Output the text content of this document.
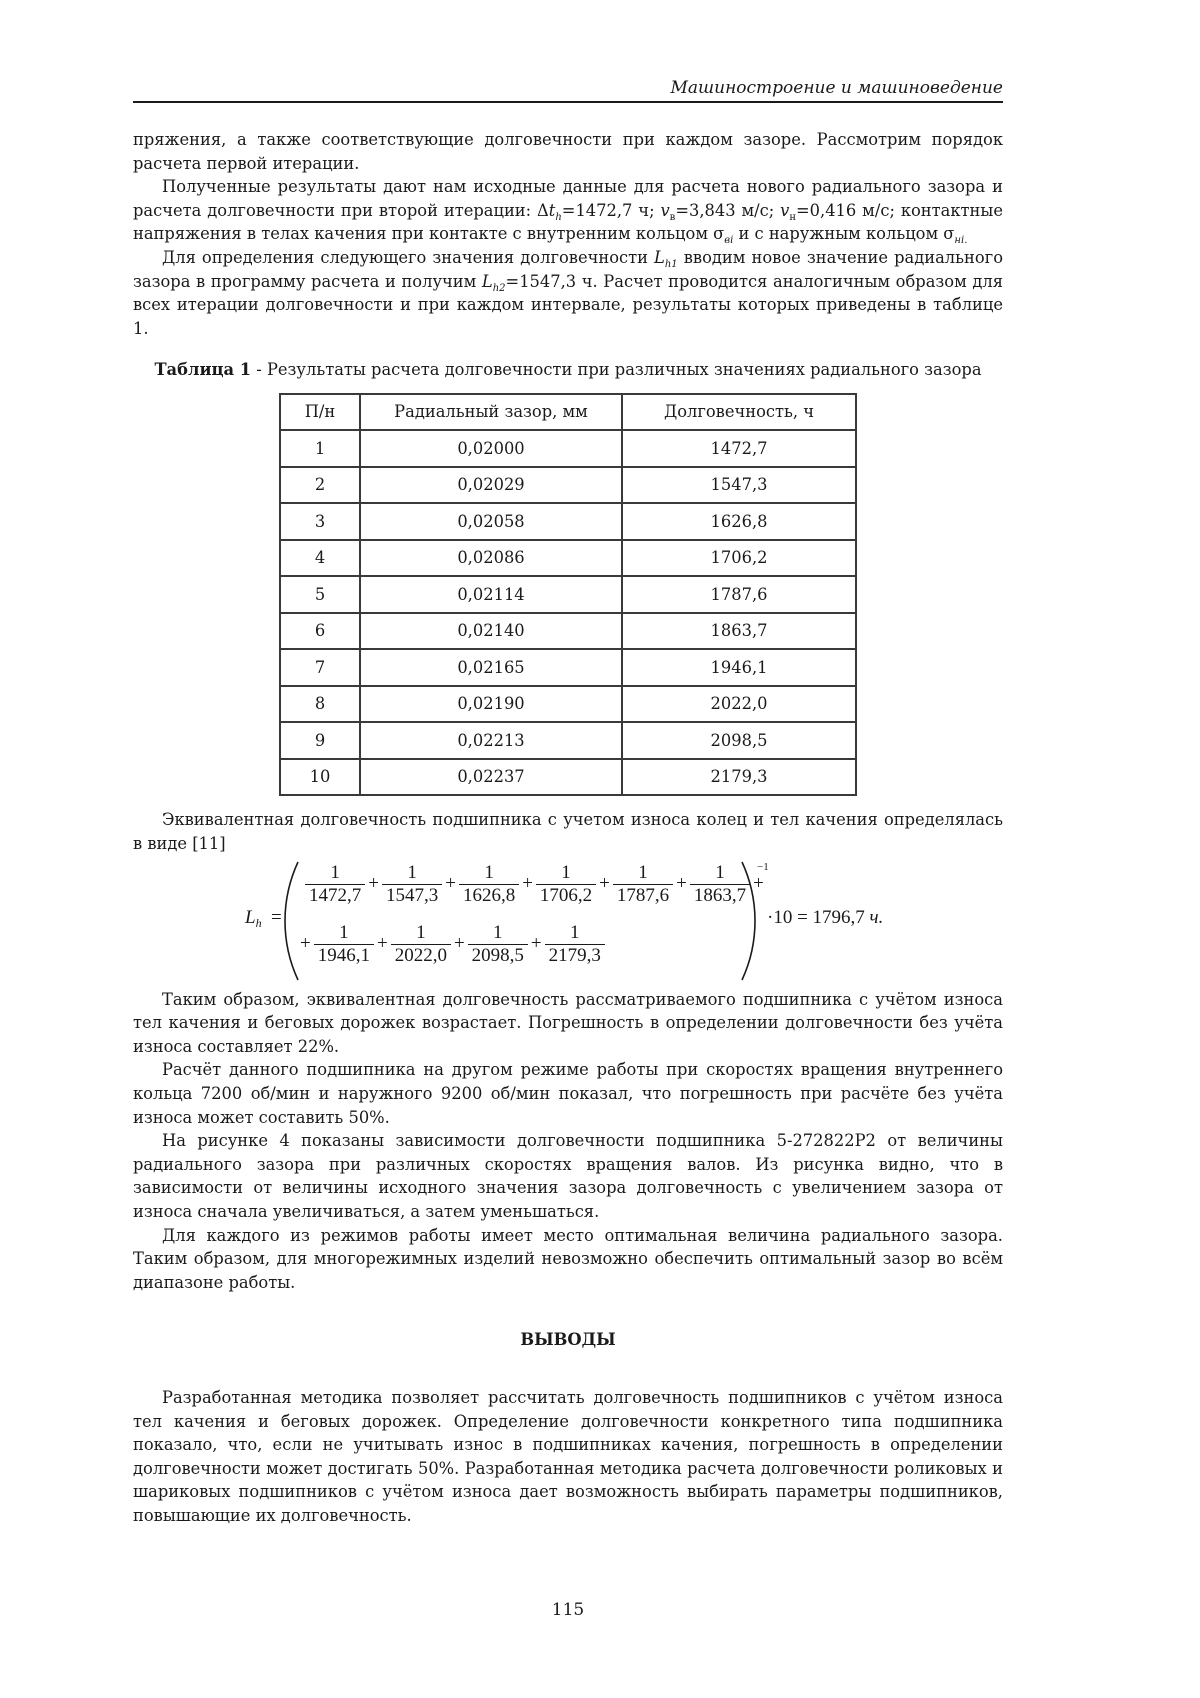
Машиностроение и машиноведение

пряжения, а также соответствующие долговечности при каждом зазоре. Рассмотрим порядок расчета первой итерации.

Полученные результаты дают нам исходные данные для расчета нового радиального зазора и расчета долговечности при второй итерации: $\Delta t_h=1472,7$ ч; $v_в=3,843$ м/с; $v_н=0,416$ м/с; контактные напряжения в телах качения при контакте с внутренним кольцом $\sigma_{вi}$ и с наружным кольцом $\sigma_{нi.}$

Для определения следующего значения долговечности $L_{h1}$ вводим новое значение радиального зазора в программу расчета и получим $L_{h2}=1547,3$ ч. Расчет проводится аналогичным образом для всех итерации долговечности и при каждом интервале, результаты которых приведены в таблице 1.

Таблица 1 - Результаты расчета долговечности при различных значениях радиального зазора
П/н	Радиальный зазор, мм	Долговечность, ч
1	0,02000	1472,7
2	0,02029	1547,3
3	0,02058	1626,8
4	0,02086	1706,2
5	0,02114	1787,6
6	0,02140	1863,7
7	0,02165	1946,1
8	0,02190	2022,0
9	0,02213	2098,5
10	0,02237	2179,3

Эквивалентная долговечность подшипника с учетом износа колец и тел качения определялась в виде [11]

$L_h$ =
$\frac{1}{1472,7} + \frac{1}{1547,3} + \frac{1}{1626,8} + \frac{1}{1706,2} + \frac{1}{1787,6} + \frac{1}{1863,7}$ +
+ $\frac{1}{1946,1} + \frac{1}{2022,0} + \frac{1}{2098,5} + \frac{1}{2179,3}$
−1
·10 = 1796,7 ч.

Таким образом, эквивалентная долговечность рассматриваемого подшипника с учётом износа тел качения и беговых дорожек возрастает. Погрешность в определении долговечности без учёта износа составляет 22%.

Расчёт данного подшипника на другом режиме работы при скоростях вращения внутреннего кольца 7200 об/мин и наружного 9200 об/мин показал, что погрешность при расчёте без учёта износа может составить 50%.

На рисунке 4 показаны зависимости долговечности подшипника 5-272822Р2 от величины радиального зазора при различных скоростях вращения валов. Из рисунка видно, что в зависимости от величины исходного значения зазора долговечность с увеличением зазора от износа сначала увеличиваться, а затем уменьшаться.

Для каждого из режимов работы имеет место оптимальная величина радиального зазора. Таким образом, для многорежимных изделий невозможно обеспечить оптимальный зазор во всём диапазоне работы.

ВЫВОДЫ

Разработанная методика позволяет рассчитать долговечность подшипников с учётом износа тел качения и беговых дорожек. Определение долговечности конкретного типа подшипника показало, что, если не учитывать износ в подшипниках качения, погрешность в определении долговечности может достигать 50%. Разработанная методика расчета долговечности роликовых и шариковых подшипников с учётом износа дает возможность выбирать параметры подшипников, повышающие их долговечность.

115
